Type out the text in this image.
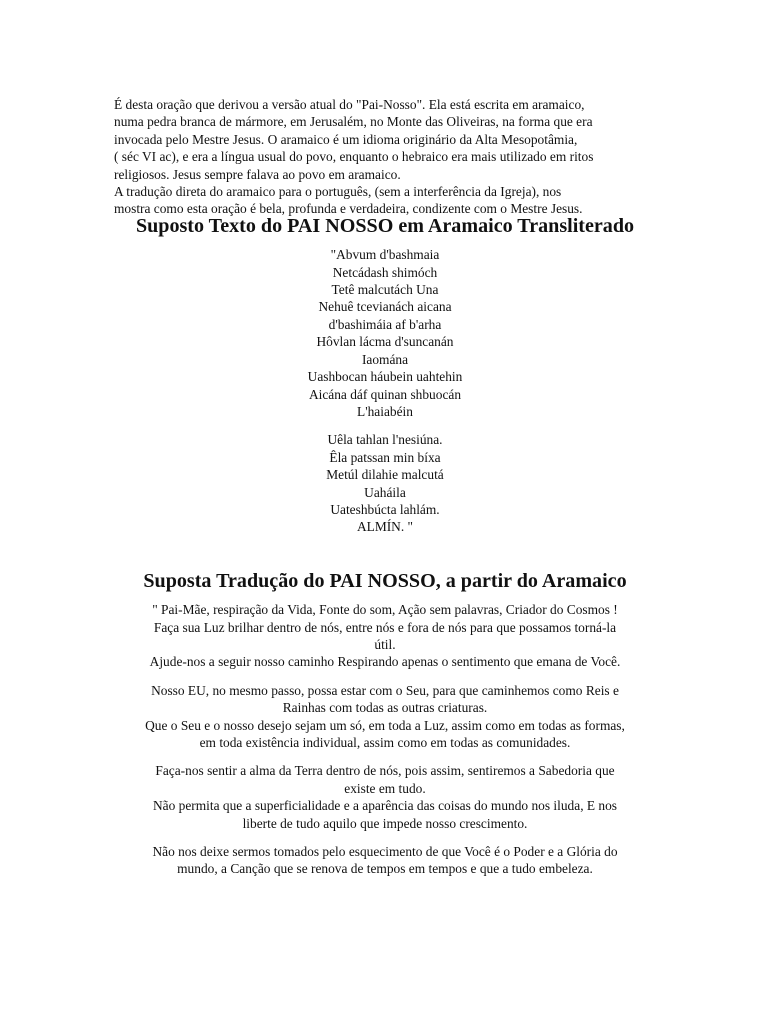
É desta oração que derivou a versão atual do "Pai-Nosso". Ela está escrita em aramaico,
numa pedra branca de mármore, em Jerusalém, no Monte das Oliveiras, na forma que era
invocada pelo Mestre Jesus. O aramaico é um idioma originário da Alta Mesopotâmia,
( séc VI ac), e era a língua usual do povo, enquanto o hebraico era mais utilizado em ritos
religiosos. Jesus sempre falava ao povo em aramaico.

A tradução direta do aramaico para o português, (sem a interferência da Igreja), nos
mostra como esta oração é bela, profunda e verdadeira, condizente com o Mestre Jesus.

Suposto Texto do PAI NOSSO em Aramaico Transliterado
"Abvum d'bashmaia
Netcádash shimóch
Tetê malcutách Una
Nehuê tcevianách aicana
d'bashimáia af b'arha
Hôvlan lácma d'suncanán
Iaomána
Uashbocan háubein uahtehin
Aicána dáf quinan shbuocán
L'haiabéin
Uêla tahlan l'nesiúna.
Êla patssan min bíxa
Metúl dilahie malcutá
Uaháila
Uateshbúcta lahlám.
ALMÍN. "
Suposta Tradução do PAI NOSSO, a partir do Aramaico

" Pai-Mãe, respiração da Vida, Fonte do som, Ação sem palavras, Criador do Cosmos !
Faça sua Luz brilhar dentro de nós, entre nós e fora de nós para que possamos torná-la
útil.
Ajude-nos a seguir nosso caminho Respirando apenas o sentimento que emana de Você.

Nosso EU, no mesmo passo, possa estar com o Seu, para que caminhemos como Reis e
Rainhas com todas as outras criaturas.
Que o Seu e o nosso desejo sejam um só, em toda a Luz, assim como em todas as formas,
em toda existência individual, assim como em todas as comunidades.

Faça-nos sentir a alma da Terra dentro de nós, pois assim, sentiremos a Sabedoria que
existe em tudo.
Não permita que a superficialidade e a aparência das coisas do mundo nos iluda, E nos
liberte de tudo aquilo que impede nosso crescimento.

Não nos deixe sermos tomados pelo esquecimento de que Você é o Poder e a Glória do
mundo, a Canção que se renova de tempos em tempos e que a tudo embeleza.
